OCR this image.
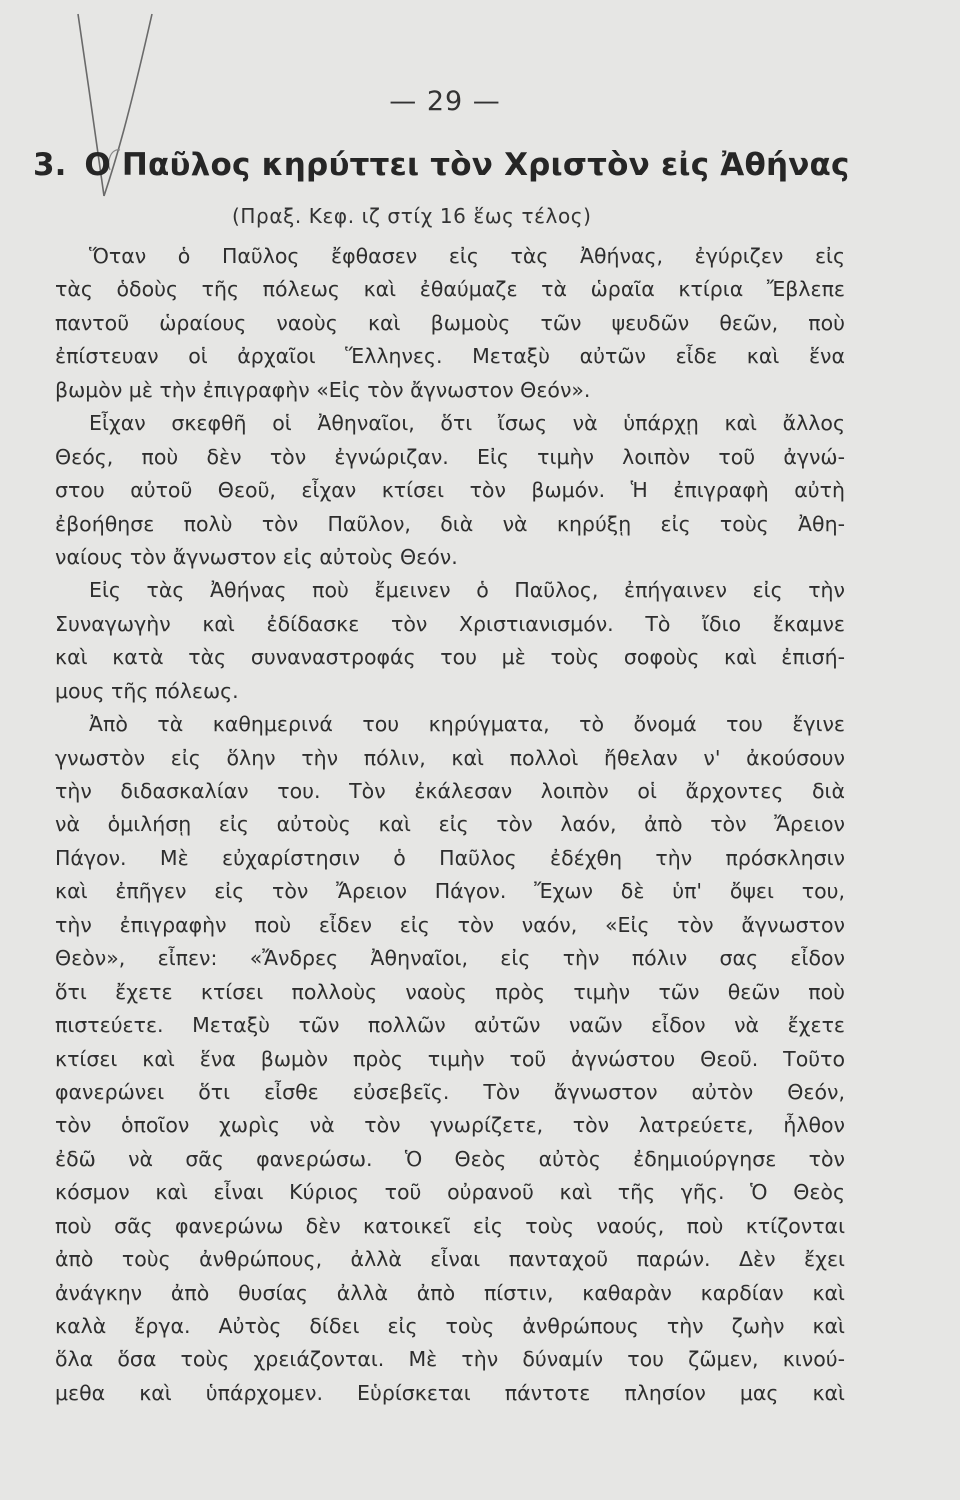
— 29 —
3. Ο Παῦλος κηρύττει τὸν Χριστὸν εἰς Ἀθήνας
(Πραξ. Κεφ. ιζ στίχ 16 ἕως τέλος)
Ὅταν ὁ Παῦλος ἔφθασεν εἰς τὰς Ἀθήνας, ἐγύριζεν εἰς
τὰς ὁδοὺς τῆς πόλεως καὶ ἐθαύμαζε τὰ ὡραῖα κτίρια Ἔβλεπε
παντοῦ ὡραίους ναοὺς καὶ βωμοὺς τῶν ψευδῶν θεῶν, ποὺ
ἐπίστευαν οἱ ἀρχαῖοι Ἕλληνες. Μεταξὺ αὐτῶν εἶδε καὶ ἕνα
βωμὸν μὲ τὴν ἐπιγραφὴν «Εἰς τὸν ἄγνωστον Θεόν».
Εἶχαν σκεφθῆ οἱ Ἀθηναῖοι, ὅτι ἴσως νὰ ὑπάρχῃ καὶ ἄλλος
Θεός, ποὺ δὲν τὸν ἐγνώριζαν. Εἰς τιμὴν λοιπὸν τοῦ ἀγνώ-
στου αὐτοῦ Θεοῦ, εἶχαν κτίσει τὸν βωμόν. Ἡ ἐπιγραφὴ αὐτὴ
ἐβοήθησε πολὺ τὸν Παῦλον, διὰ νὰ κηρύξῃ εἰς τοὺς Ἀθη-
ναίους τὸν ἄγνωστον εἰς αὐτοὺς Θεόν.
Εἰς τὰς Ἀθήνας ποὺ ἔμεινεν ὁ Παῦλος, ἐπήγαινεν εἰς τὴν
Συναγωγὴν καὶ ἐδίδασκε τὸν Χριστιανισμόν. Τὸ ἴδιο ἔκαμνε
καὶ κατὰ τὰς συναναστροφάς του μὲ τοὺς σοφοὺς καὶ ἐπισή-
μους τῆς πόλεως.
Ἀπὸ τὰ καθημερινά του κηρύγματα, τὸ ὄνομά του ἔγινε
γνωστὸν εἰς ὅλην τὴν πόλιν, καὶ πολλοὶ ἤθελαν ν' ἀκούσουν
τὴν διδασκαλίαν του. Τὸν ἐκάλεσαν λοιπὸν οἱ ἄρχοντες διὰ
νὰ ὁμιλήσῃ εἰς αὐτοὺς καὶ εἰς τὸν λαόν, ἀπὸ τὸν Ἄρειον
Πάγον. Μὲ εὐχαρίστησιν ὁ Παῦλος ἐδέχθη τὴν πρόσκλησιν
καὶ ἐπῆγεν εἰς τὸν Ἄρειον Πάγον. Ἔχων δὲ ὑπ' ὄψει του,
τὴν ἐπιγραφὴν ποὺ εἶδεν εἰς τὸν ναόν, «Εἰς τὸν ἄγνωστον
Θεὸν», εἶπεν: «Ἄνδρες Ἀθηναῖοι, εἰς τὴν πόλιν σας εἶδον
ὅτι ἔχετε κτίσει πολλοὺς ναοὺς πρὸς τιμὴν τῶν θεῶν ποὺ
πιστεύετε. Μεταξὺ τῶν πολλῶν αὐτῶν ναῶν εἶδον νὰ ἔχετε
κτίσει καὶ ἕνα βωμὸν πρὸς τιμὴν τοῦ ἀγνώστου Θεοῦ. Τοῦτο
φανερώνει ὅτι εἶσθε εὐσεβεῖς. Τὸν ἄγνωστον αὐτὸν Θεόν,
τὸν ὁποῖον χωρὶς νὰ τὸν γνωρίζετε, τὸν λατρεύετε, ἦλθον
ἐδῶ νὰ σᾶς φανερώσω. Ὁ Θεὸς αὐτὸς ἐδημιούργησε τὸν
κόσμον καὶ εἶναι Κύριος τοῦ οὐρανοῦ καὶ τῆς γῆς. Ὁ Θεὸς
ποὺ σᾶς φανερώνω δὲν κατοικεῖ εἰς τοὺς ναούς, ποὺ κτίζονται
ἀπὸ τοὺς ἀνθρώπους, ἀλλὰ εἶναι πανταχοῦ παρών. Δὲν ἔχει
ἀνάγκην ἀπὸ θυσίας ἀλλὰ ἀπὸ πίστιν, καθαρὰν καρδίαν καὶ
καλὰ ἔργα. Αὐτὸς δίδει εἰς τοὺς ἀνθρώπους τὴν ζωὴν καὶ
ὅλα ὅσα τοὺς χρειάζονται. Μὲ τὴν δύναμίν του ζῶμεν, κινού-
μεθα καὶ ὑπάρχομεν. Εὑρίσκεται πάντοτε πλησίον μας καὶ
